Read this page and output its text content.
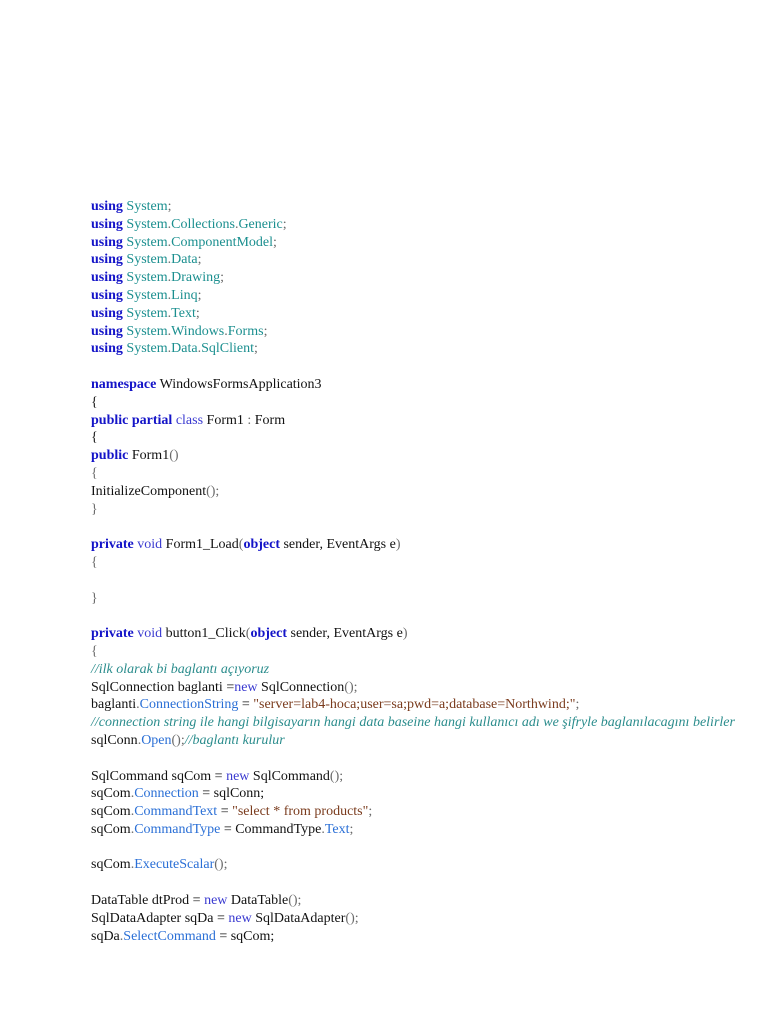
using System;
using System.Collections.Generic;
using System.ComponentModel;
using System.Data;
using System.Drawing;
using System.Linq;
using System.Text;
using System.Windows.Forms;
using System.Data.SqlClient;
namespace WindowsFormsApplication3
{
public partial class Form1 : Form
{
public Form1()
{
InitializeComponent();
}
private void Form1_Load(object sender, EventArgs e)
{
}
private void button1_Click(object sender, EventArgs e)
{
//ilk olarak bi baglantı açıyoruz
SqlConnection baglanti =new SqlConnection();
baglanti.ConnectionString = "server=lab4-hoca;user=sa;pwd=a;database=Northwind;";
//connection string ile hangi bilgisayarın hangi data baseine hangi kullanıcı adı we şifryle baglanılacagını belirler
sqlConn.Open();//baglantı kurulur
SqlCommand sqCom = new SqlCommand();
sqCom.Connection = sqlConn;
sqCom.CommandText = "select * from products";
sqCom.CommandType = CommandType.Text;
sqCom.ExecuteScalar();
DataTable dtProd = new DataTable();
SqlDataAdapter sqDa = new SqlDataAdapter();
sqDa.SelectCommand = sqCom;
